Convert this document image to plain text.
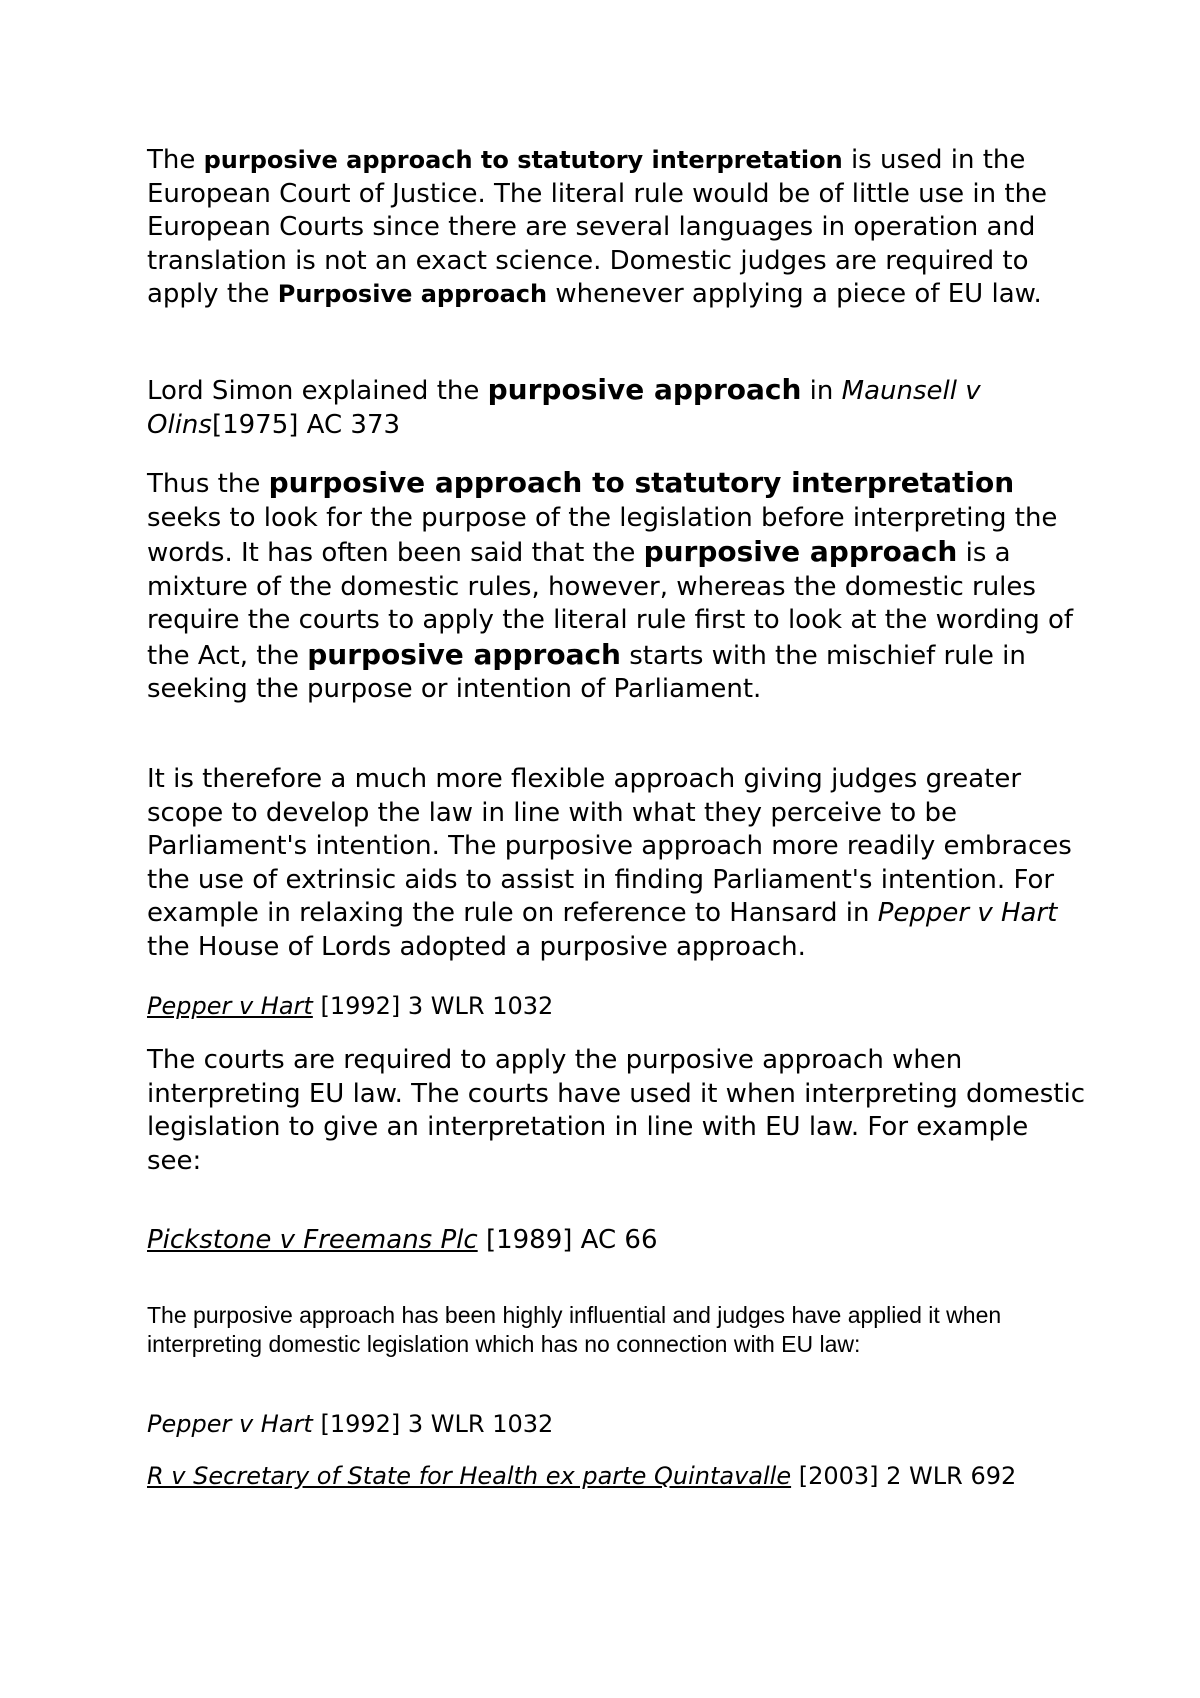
The purposive approach to statutory interpretation is used in the European Court of Justice. The literal rule would be of little use in the European Courts since there are several languages in operation and translation is not an exact science. Domestic judges are required to apply the Purposive approach whenever applying a piece of EU law.

Lord Simon explained the purposive approach in Maunsell v Olins[1975] AC 373

Thus the purposive approach to statutory interpretation seeks to look for the purpose of the legislation before interpreting the words. It has often been said that the purposive approach is a mixture of the domestic rules, however, whereas the domestic rules require the courts to apply the literal rule first to look at the wording of the Act, the purposive approach starts with the mischief rule in seeking the purpose or intention of Parliament.

It is therefore a much more flexible approach giving judges greater scope to develop the law in line with what they perceive to be Parliament's intention. The purposive approach more readily embraces the use of extrinsic aids to assist in finding Parliament's intention. For example in relaxing the rule on reference to Hansard in Pepper v Hart the House of Lords adopted a purposive approach.

Pepper v Hart [1992] 3 WLR 1032

The courts are required to apply the purposive approach when interpreting EU law. The courts have used it when interpreting domestic legislation to give an interpretation in line with EU law. For example see:

Pickstone v Freemans Plc [1989] AC 66

The purposive approach has been highly influential and judges have applied it when interpreting domestic legislation which has no connection with EU law:

Pepper v Hart [1992] 3 WLR 1032

R v Secretary of State for Health ex parte Quintavalle [2003] 2 WLR 692
